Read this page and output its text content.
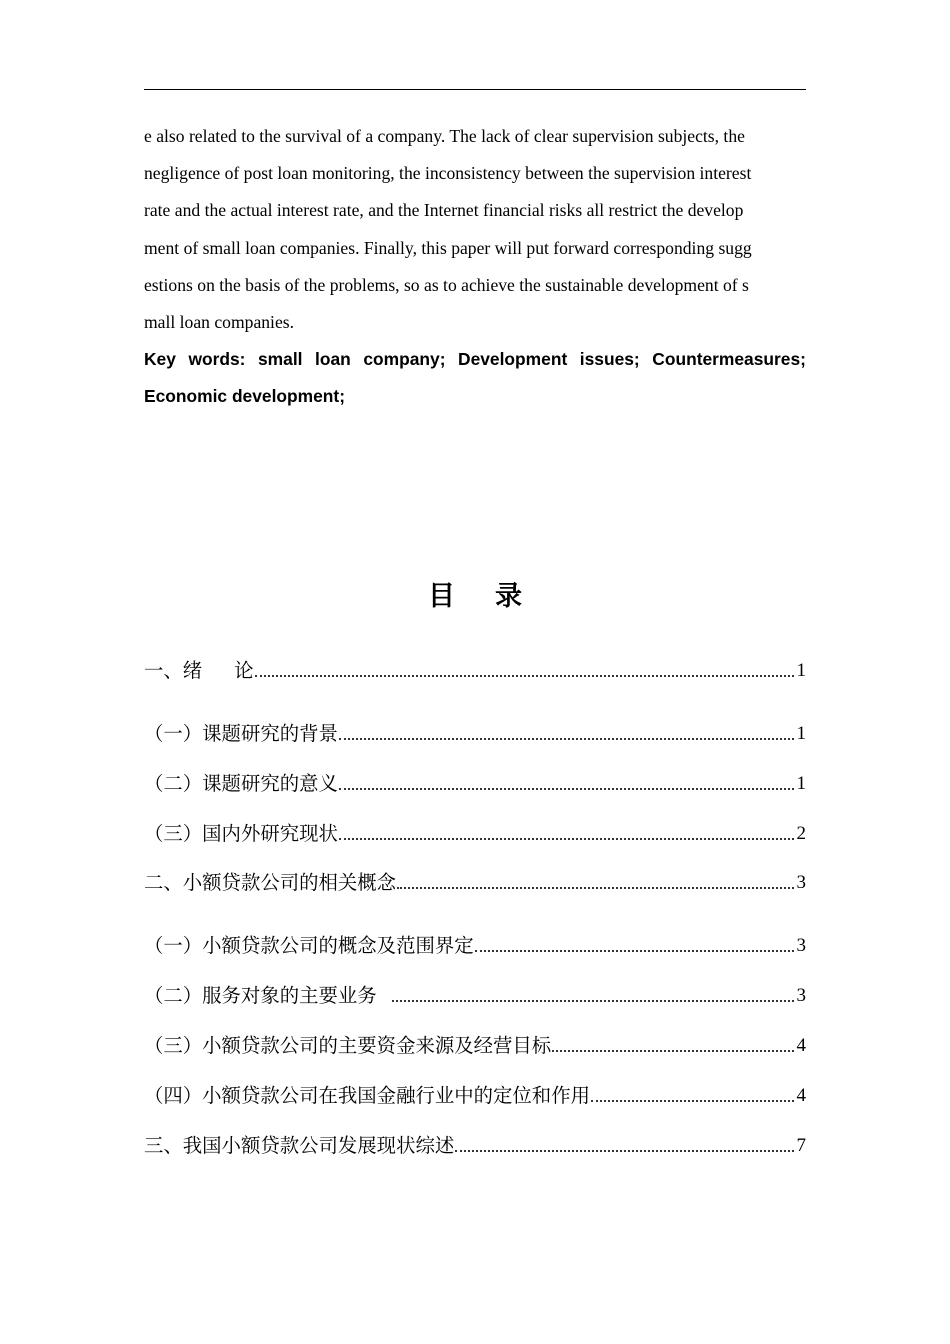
e also related to the survival of a company. The lack of clear supervision subjects, the
negligence of post loan monitoring, the inconsistency between the supervision interest
rate and the actual interest rate, and the Internet financial risks all restrict the develop
ment of small loan companies. Finally, this paper will put forward corresponding sugg
estions on the basis of the problems, so as to achieve the sustainable development of s
mall loan companies.
Key words: small loan company; Development issues; Countermeasures;
Economic development;
目录
一、绪 论	1
（一）课题研究的背景	1
（二）课题研究的意义	1
（三）国内外研究现状	2
二、小额贷款公司的相关概念	3
（一）小额贷款公司的概念及范围界定	3
（二）服务对象的主要业务	3
（三）小额贷款公司的主要资金来源及经营目标	4
（四）小额贷款公司在我国金融行业中的定位和作用	4
三、我国小额贷款公司发展现状综述	7
